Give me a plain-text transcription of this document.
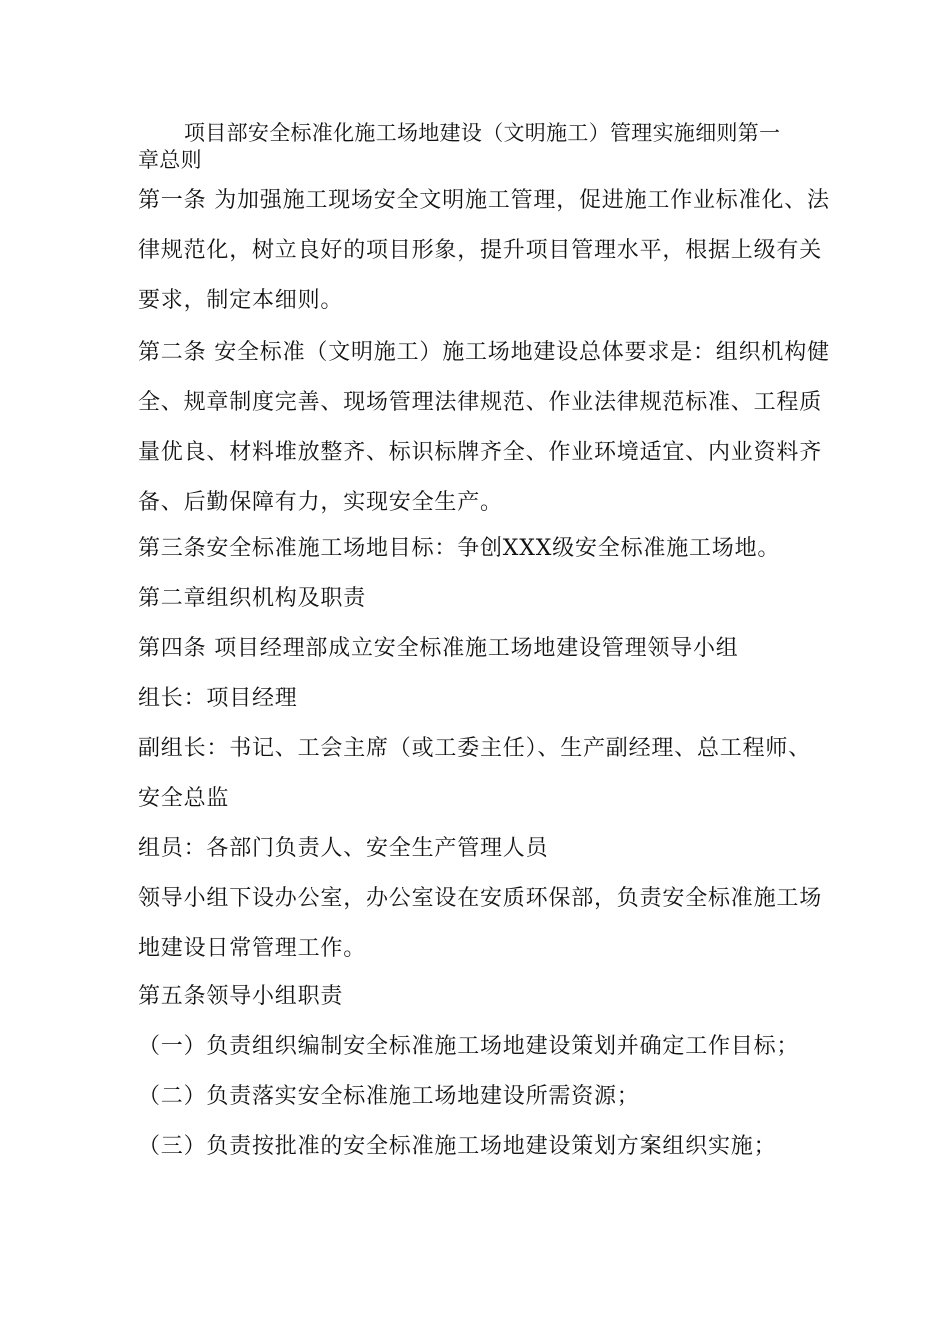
项目部安全标准化施工场地建设（文明施工）管理实施细则第一
章总则
第一条 为加强施工现场安全文明施工管理，促进施工作业标准化、法
律规范化，树立良好的项目形象，提升项目管理水平，根据上级有关
要求，制定本细则。
第二条 安全标准（文明施工）施工场地建设总体要求是：组织机构健
全、规章制度完善、现场管理法律规范、作业法律规范标准、工程质
量优良、材料堆放整齐、标识标牌齐全、作业环境适宜、内业资料齐
备、后勤保障有力，实现安全生产。
第三条安全标准施工场地目标：争创XXX级安全标准施工场地。
第二章组织机构及职责
第四条 项目经理部成立安全标准施工场地建设管理领导小组
组长：项目经理
副组长：书记、工会主席（或工委主任）、生产副经理、总工程师、
安全总监
组员：各部门负责人、安全生产管理人员
领导小组下设办公室，办公室设在安质环保部，负责安全标准施工场
地建设日常管理工作。
第五条领导小组职责
（一）负责组织编制安全标准施工场地建设策划并确定工作目标；
（二）负责落实安全标准施工场地建设所需资源；
（三）负责按批准的安全标准施工场地建设策划方案组织实施；
